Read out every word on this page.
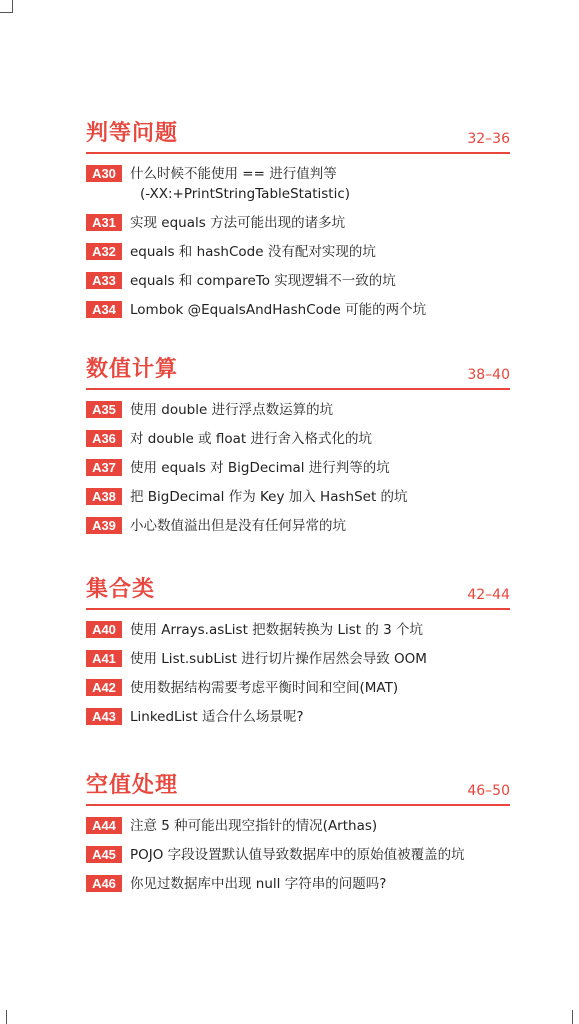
判等问题	32–36
A30	什么时候不能使用 == 进行值判等
(-XX:+PrintStringTableStatistic)
A31	实现 equals 方法可能出现的诸多坑
A32	equals 和 hashCode 没有配对实现的坑
A33	equals 和 compareTo 实现逻辑不一致的坑
A34	Lombok @EqualsAndHashCode 可能的两个坑
数值计算	38–40
A35	使用 double 进行浮点数运算的坑
A36	对 double 或 float 进行舍入格式化的坑
A37	使用 equals 对 BigDecimal 进行判等的坑
A38	把 BigDecimal 作为 Key 加入 HashSet 的坑
A39	小心数值溢出但是没有任何异常的坑
集合类	42–44
A40	使用 Arrays.asList 把数据转换为 List 的 3 个坑
A41	使用 List.subList 进行切片操作居然会导致 OOM
A42	使用数据结构需要考虑平衡时间和空间(MAT)
A43	LinkedList 适合什么场景呢?
空值处理	46–50
A44	注意 5 种可能出现空指针的情况(Arthas)
A45	POJO 字段设置默认值导致数据库中的原始值被覆盖的坑
A46	你见过数据库中出现 null 字符串的问题吗?
